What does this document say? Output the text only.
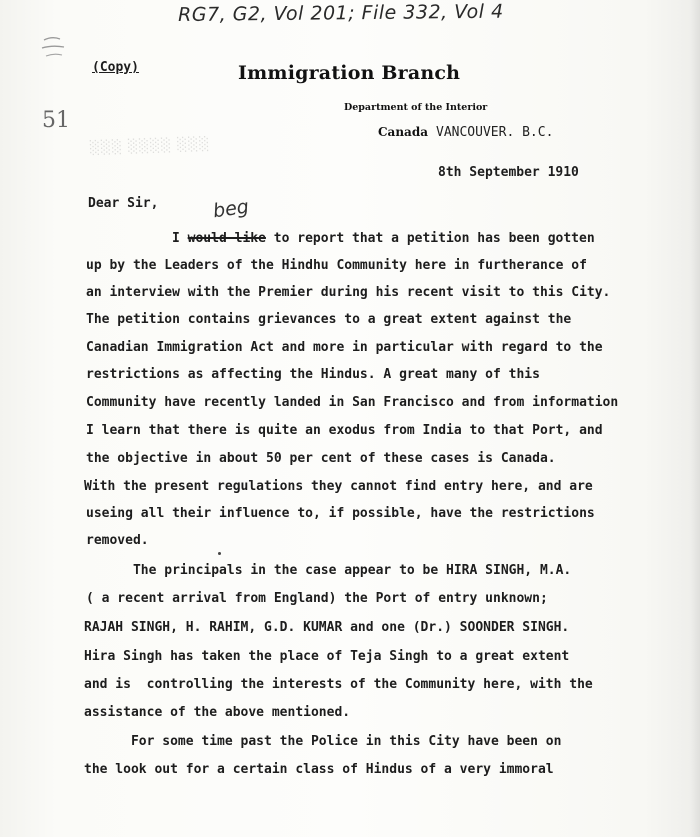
RG7, G2, Vol 201; File 332, Vol 4
51
░░░ ░░░░ ░░░
(Copy)	Immigration Branch
Department of the Interior
Canada VANCOUVER. B.C.
8th September 1910
Dear Sir,	beg
I would like to report that a petition has been gotten
up by the Leaders of the Hindhu Community here in furtherance of
an interview with the Premier during his recent visit to this City.
The petition contains grievances to a great extent against the
Canadian Immigration Act and more in particular with regard to the
restrictions as affecting the Hindus. A great many of this
Community have recently landed in San Francisco and from information
I learn that there is quite an exodus from India to that Port, and
the objective in about 50 per cent of these cases is Canada.
With the present regulations they cannot find entry here, and are
useing all their influence to, if possible, have the restrictions
removed.
The principals in the case appear to be HIRA SINGH, M.A.
( a recent arrival from England) the Port of entry unknown;
RAJAH SINGH, H. RAHIM, G.D. KUMAR and one (Dr.) SOONDER SINGH.
Hira Singh has taken the place of Teja Singh to a great extent
and is  controlling the interests of the Community here, with the
assistance of the above mentioned.
For some time past the Police in this City have been on
the look out for a certain class of Hindus of a very immoral
